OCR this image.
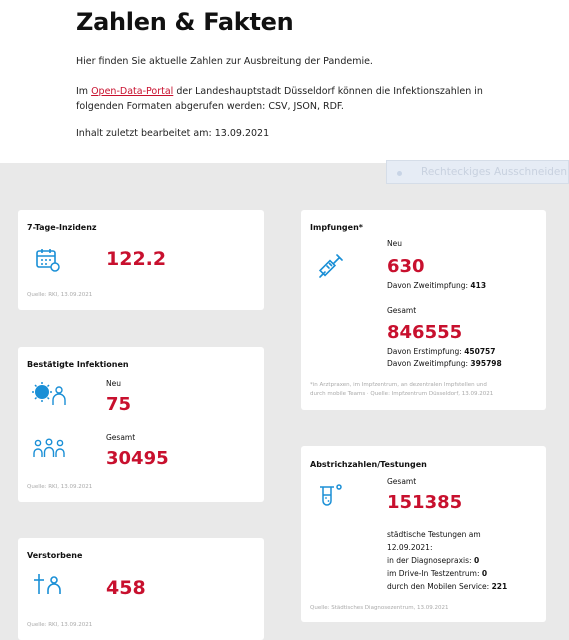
Zahlen & Fakten
Hier finden Sie aktuelle Zahlen zur Ausbreitung der Pandemie.
Im Open-Data-Portal der Landeshauptstadt Düsseldorf können die Infektionszahlen in
folgenden Formaten abgerufen werden: CSV, JSON, RDF.
Inhalt zuletzt bearbeitet am: 13.09.2021
Rechteckiges Ausschneiden
7-Tage-Inzidenz
122.2
Quelle: RKI, 13.09.2021
Bestätigte Infektionen
Neu
75
Gesamt
30495
Quelle: RKI, 13.09.2021
Verstorbene
458
Quelle: RKI, 13.09.2021
Impfungen*
Neu
630
Davon Zweitimpfung: 413
Gesamt
846555
Davon Erstimpfung: 450757
Davon Zweitimpfung: 395798
*in Arztpraxen, im Impfzentrum, an dezentralen Impfstellen und
durch mobile Teams · Quelle: Impfzentrum Düsseldorf, 13.09.2021
Abstrichzahlen/Testungen
Gesamt
151385
städtische Testungen am
12.09.2021:
in der Diagnosepraxis: 0
im Drive-In Testzentrum: 0
durch den Mobilen Service: 221
Quelle: Städtisches Diagnosezentrum, 13.09.2021
